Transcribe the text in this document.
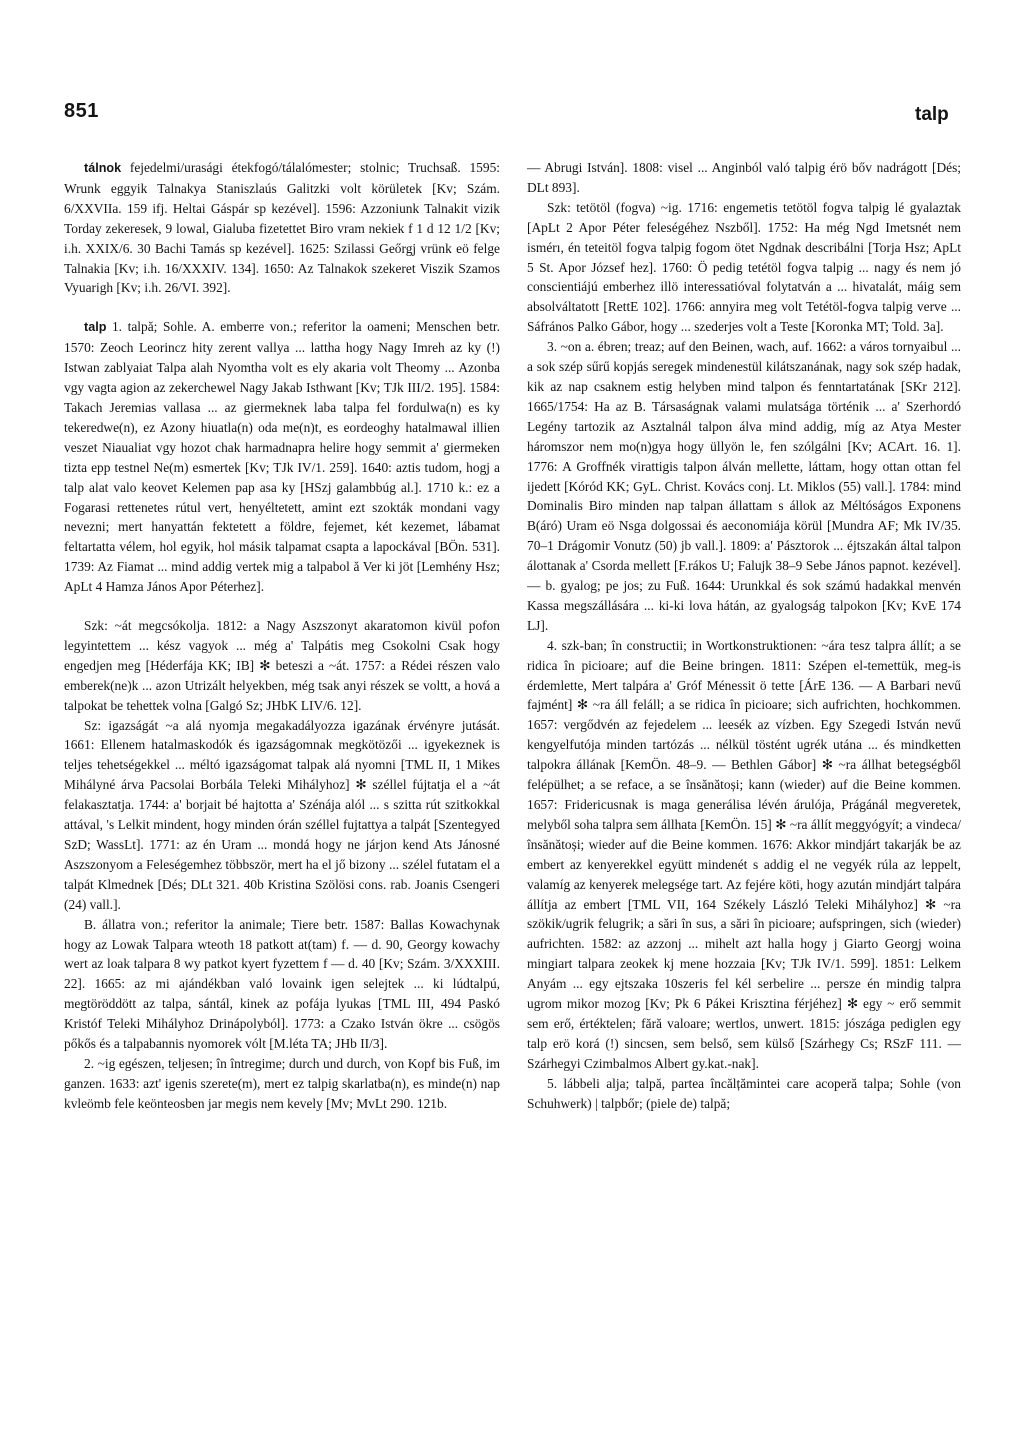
851	talp

tálnok fejedelmi/urasági étekfogó/tálalómester; stolnic; Truchsaß. 1595: Wrunk eggyik Talnakya Staniszlaús Galitzki volt körületek [Kv; Szám. 6/XXVIIa. 159 ifj. Heltai Gáspár sp kezével]. 1596: Azzoniunk Talnakit vizik Torday zekeresek, 9 lowal, Gialuba fizetettet Biro vram nekiek f 1 d 12 1/2 [Kv; i.h. XXIX/6. 30 Bachi Tamás sp kezével]. 1625: Szilassi Geőrgj vrünk eö felge Talnakia [Kv; i.h. 16/XXXIV. 134]. 1650: Az Talnakok szekeret Viszik Szamos Vyuarigh [Kv; i.h. 26/VI. 392].

talp 1. talpă; Sohle. A. emberre von.; referitor la oameni; Menschen betr. 1570: Zeoch Leorincz hity zerent vallya ... lattha hogy Nagy Imreh az ky (!) Istwan zablyaiat Talpa alah Nyomtha volt es ely akaria volt Theomy ... Azonba vgy vagta agion az zekerchewel Nagy Jakab Isthwant [Kv; TJk III/2. 195]. 1584: Takach Jeremias vallasa ... az giermeknek laba talpa fel fordulwa(n) es ky tekeredwe(n), ez Azony hiuatla(n) oda me(n)t, es eordeoghy hatalmawal illien veszet Niaualiat vgy hozot chak harmadnapra helire hogy semmit a' giermeken tizta epp testnel Ne(m) esmertek [Kv; TJk IV/1. 259]. 1640: aztis tudom, hogj a talp alat valo keovet Kelemen pap asa ky [HSzj galambbúg al.]. 1710 k.: ez a Fogarasi rettenetes rútul vert, henyéltetett, amint ezt szokták mondani vagy nevezni; mert hanyattán fektetett a földre, fejemet, két kezemet, lábamat feltartatta vélem, hol egyik, hol másik talpamat csapta a lapockával [BÖn. 531]. 1739: Az Fiamat ... mind addig vertek mig a talpabol ă Ver ki jöt [Lemhény Hsz; ApLt 4 Hamza János Apor Péterhez].

Szk: ~át megcsókolja. 1812: a Nagy Aszszonyt akaratomon kivül pofon legyintettem ... kész vagyok ... még a' Talpátis meg Csokolni Csak hogy engedjen meg [Héderfája KK; IB] ✻ beteszi a ~át. 1757: a Rédei részen valo emberek(ne)k ... azon Utrizált helyekben, még tsak anyi részek se voltt, a hová a talpokat be tehettek volna [Galgó Sz; JHbK LIV/6. 12].

Sz: igazságát ~a alá nyomja megakadályozza igazának érvényre jutását. 1661: Ellenem hatalmaskodók és igazságomnak megkötözői ... igyekeznek is teljes tehetségekkel ... méltó igazságomat talpak alá nyomni [TML II, 1 Mikes Mihályné árva Pacsolai Borbála Teleki Mihályhoz] ✻ széllel fújtatja el a ~át felakasztatja. 1744: a' borjait bé hajtotta a' Szénája alól ... s szitta rút szitkokkal attával, 's Lelkit mindent, hogy minden órán széllel fujtattya a talpát [Szentegyed SzD; WassLt]. 1771: az én Uram ... mondá hogy ne járjon kend Ats Jánosné Aszszonyom a Feleségemhez többször, mert ha el jő bizony ... szélel futatam el a talpát Klmednek [Dés; DLt 321. 40b Kristina Szölösi cons. rab. Joanis Csengeri (24) vall.].

B. állatra von.; referitor la animale; Tiere betr. 1587: Ballas Kowachynak hogy az Lowak Talpara wteoth 18 patkott at(tam) f. — d. 90, Georgy kowachy wert az loak talpara 8 wy patkot kyert fyzettem f — d. 40 [Kv; Szám. 3/XXXIII. 22]. 1665: az mi ajándékban való lovaink igen selejtek ... ki lúdtalpú, megtöröddött az talpa, sántál, kinek az pofája lyukas [TML III, 494 Paskó Kristóf Teleki Mihályhoz Drinápolyból]. 1773: a Czako István ökre ... csögös pőkős és a talpabannis nyomorek vólt [M.léta TA; JHb II/3].

2. ~ig egészen, teljesen; în întregime; durch und durch, von Kopf bis Fuß, im ganzen. 1633: azt' igenis szerete(m), mert ez talpig skarlatba(n), es minde(n) nap kvleömb fele keönteosben jar megis nem kevely [Mv; MvLt 290. 121b.

— Abrugi István]. 1808: visel ... Anginból való talpig érö bőv nadrágott [Dés; DLt 893].

Szk: tetötöl (fogva) ~ig. 1716: engemetis tetötöl fogva talpig lé gyalaztak [ApLt 2 Apor Péter feleségéhez Nszből]. 1752: Ha még Ngd Imetsnét nem ismérı, én teteitöl fogva talpig fogom ötet Ngdnak describálni [Torja Hsz; ApLt 5 St. Apor József hez]. 1760: Ö pedig tetétöl fogva talpig ... nagy és nem jó conscientiájú emberhez illö interessatióval folytatván a ... hivatalát, máig sem absolváltatott [RettE 102]. 1766: annyira meg volt Tetétöl-fogva talpig verve ... Sáfrános Palko Gábor, hogy ... szederjes volt a Teste [Koronka MT; Told. 3a].

3. ~on a. ébren; treaz; auf den Beinen, wach, auf. 1662: a város tornyaibul ... a sok szép sűrű kopjás seregek mindenestül kilátszanának, nagy sok szép hadak, kik az nap csaknem estig helyben mind talpon és fenntartatának [SKr 212]. 1665/1754: Ha az B. Társaságnak valami mulatsága történik ... a' Szerhordó Legény tartozik az Asztalnál talpon álva mind addig, míg az Atya Mester háromszor nem mo(n)gya hogy üllyön le, fen szólgálni [Kv; ACArt. 16. 1]. 1776: A Groffnék virattigis talpon álván mellette, láttam, hogy ottan ottan fel ijedett [Kóród KK; GyL. Christ. Kovács conj. Lt. Miklos (55) vall.]. 1784: mind Dominalis Biro minden nap talpan állattam s állok az Méltóságos Exponens B(áró) Uram eö Nsga dolgossai és aeconomiája körül [Mundra AF; Mk IV/35. 70–1 Drágomir Vonutz (50) jb vall.]. 1809: a' Pásztorok ... éjtszakán által talpon álottanak a' Csorda mellett [F.rákos U; Falujk 38–9 Sebe János papnot. kezével]. — b. gyalog; pe jos; zu Fuß. 1644: Urunkkal és sok számú hadakkal menvén Kassa megszállására ... ki-ki lova hátán, az gyalogság talpokon [Kv; KvE 174 LJ].

4. szk-ban; în constructii; in Wortkonstruktionen: ~ára tesz talpra állít; a se ridica în picioare; auf die Beine bringen. 1811: Szépen el-temettük, meg-is érdemlette, Mert talpára a' Gróf Ménessit ö tette [ÁrE 136. — A Barbari nevű fajmént] ✻ ~ra áll feláll; a se ridica în picioare; sich aufrichten, hochkommen. 1657: vergődvén az fejedelem ... leesék az vízben. Egy Szegedi István nevű kengyelfutója minden tartózás ... nélkül töstént ugrék utána ... és mindketten talpokra állának [KemÖn. 48–9. — Bethlen Gábor] ✻ ~ra állhat betegségből felépülhet; a se reface, a se însănătoși; kann (wieder) auf die Beine kommen. 1657: Fridericusnak is maga generálisa lévén árulója, Prágánál megveretek, melyből soha talpra sem állhata [KemÖn. 15] ✻ ~ra állít meggyógyít; a vindeca/însănătoși; wieder auf die Beine kommen. 1676: Akkor mindjárt takarják be az embert az kenyerekkel együtt mindenét s addig el ne vegyék rúla az leppelt, valamíg az kenyerek melegsége tart. Az fejére köti, hogy azután mindjárt talpára állítja az embert [TML VII, 164 Székely László Teleki Mihályhoz] ✻ ~ra szökik/ugrik felugrik; a sări în sus, a sări în picioare; aufspringen, sich (wieder) aufrichten. 1582: az azzonj ... mihelt azt halla hogy j Giarto Georgj woina mingiart talpara zeokek kj mene hozzaia [Kv; TJk IV/1. 599]. 1851: Lelkem Anyám ... egy ejtszaka 10szeris fel kél serbelire ... persze én mindig talpra ugrom mikor mozog [Kv; Pk 6 Pákei Krisztina férjéhez] ✻ egy ~ erő semmit sem erő, értéktelen; fără valoare; wertlos, unwert. 1815: jószága pediglen egy talp erö korá (!) sincsen, sem belső, sem külső [Szárhegy Cs; RSzF 111. — Szárhegyi Czimbalmos Albert gy.kat.-nak].

5. lábbeli alja; talpă, partea încălțămintei care acoperă talpa; Sohle (von Schuhwerk) | talpbőr; (piele de) talpă;
